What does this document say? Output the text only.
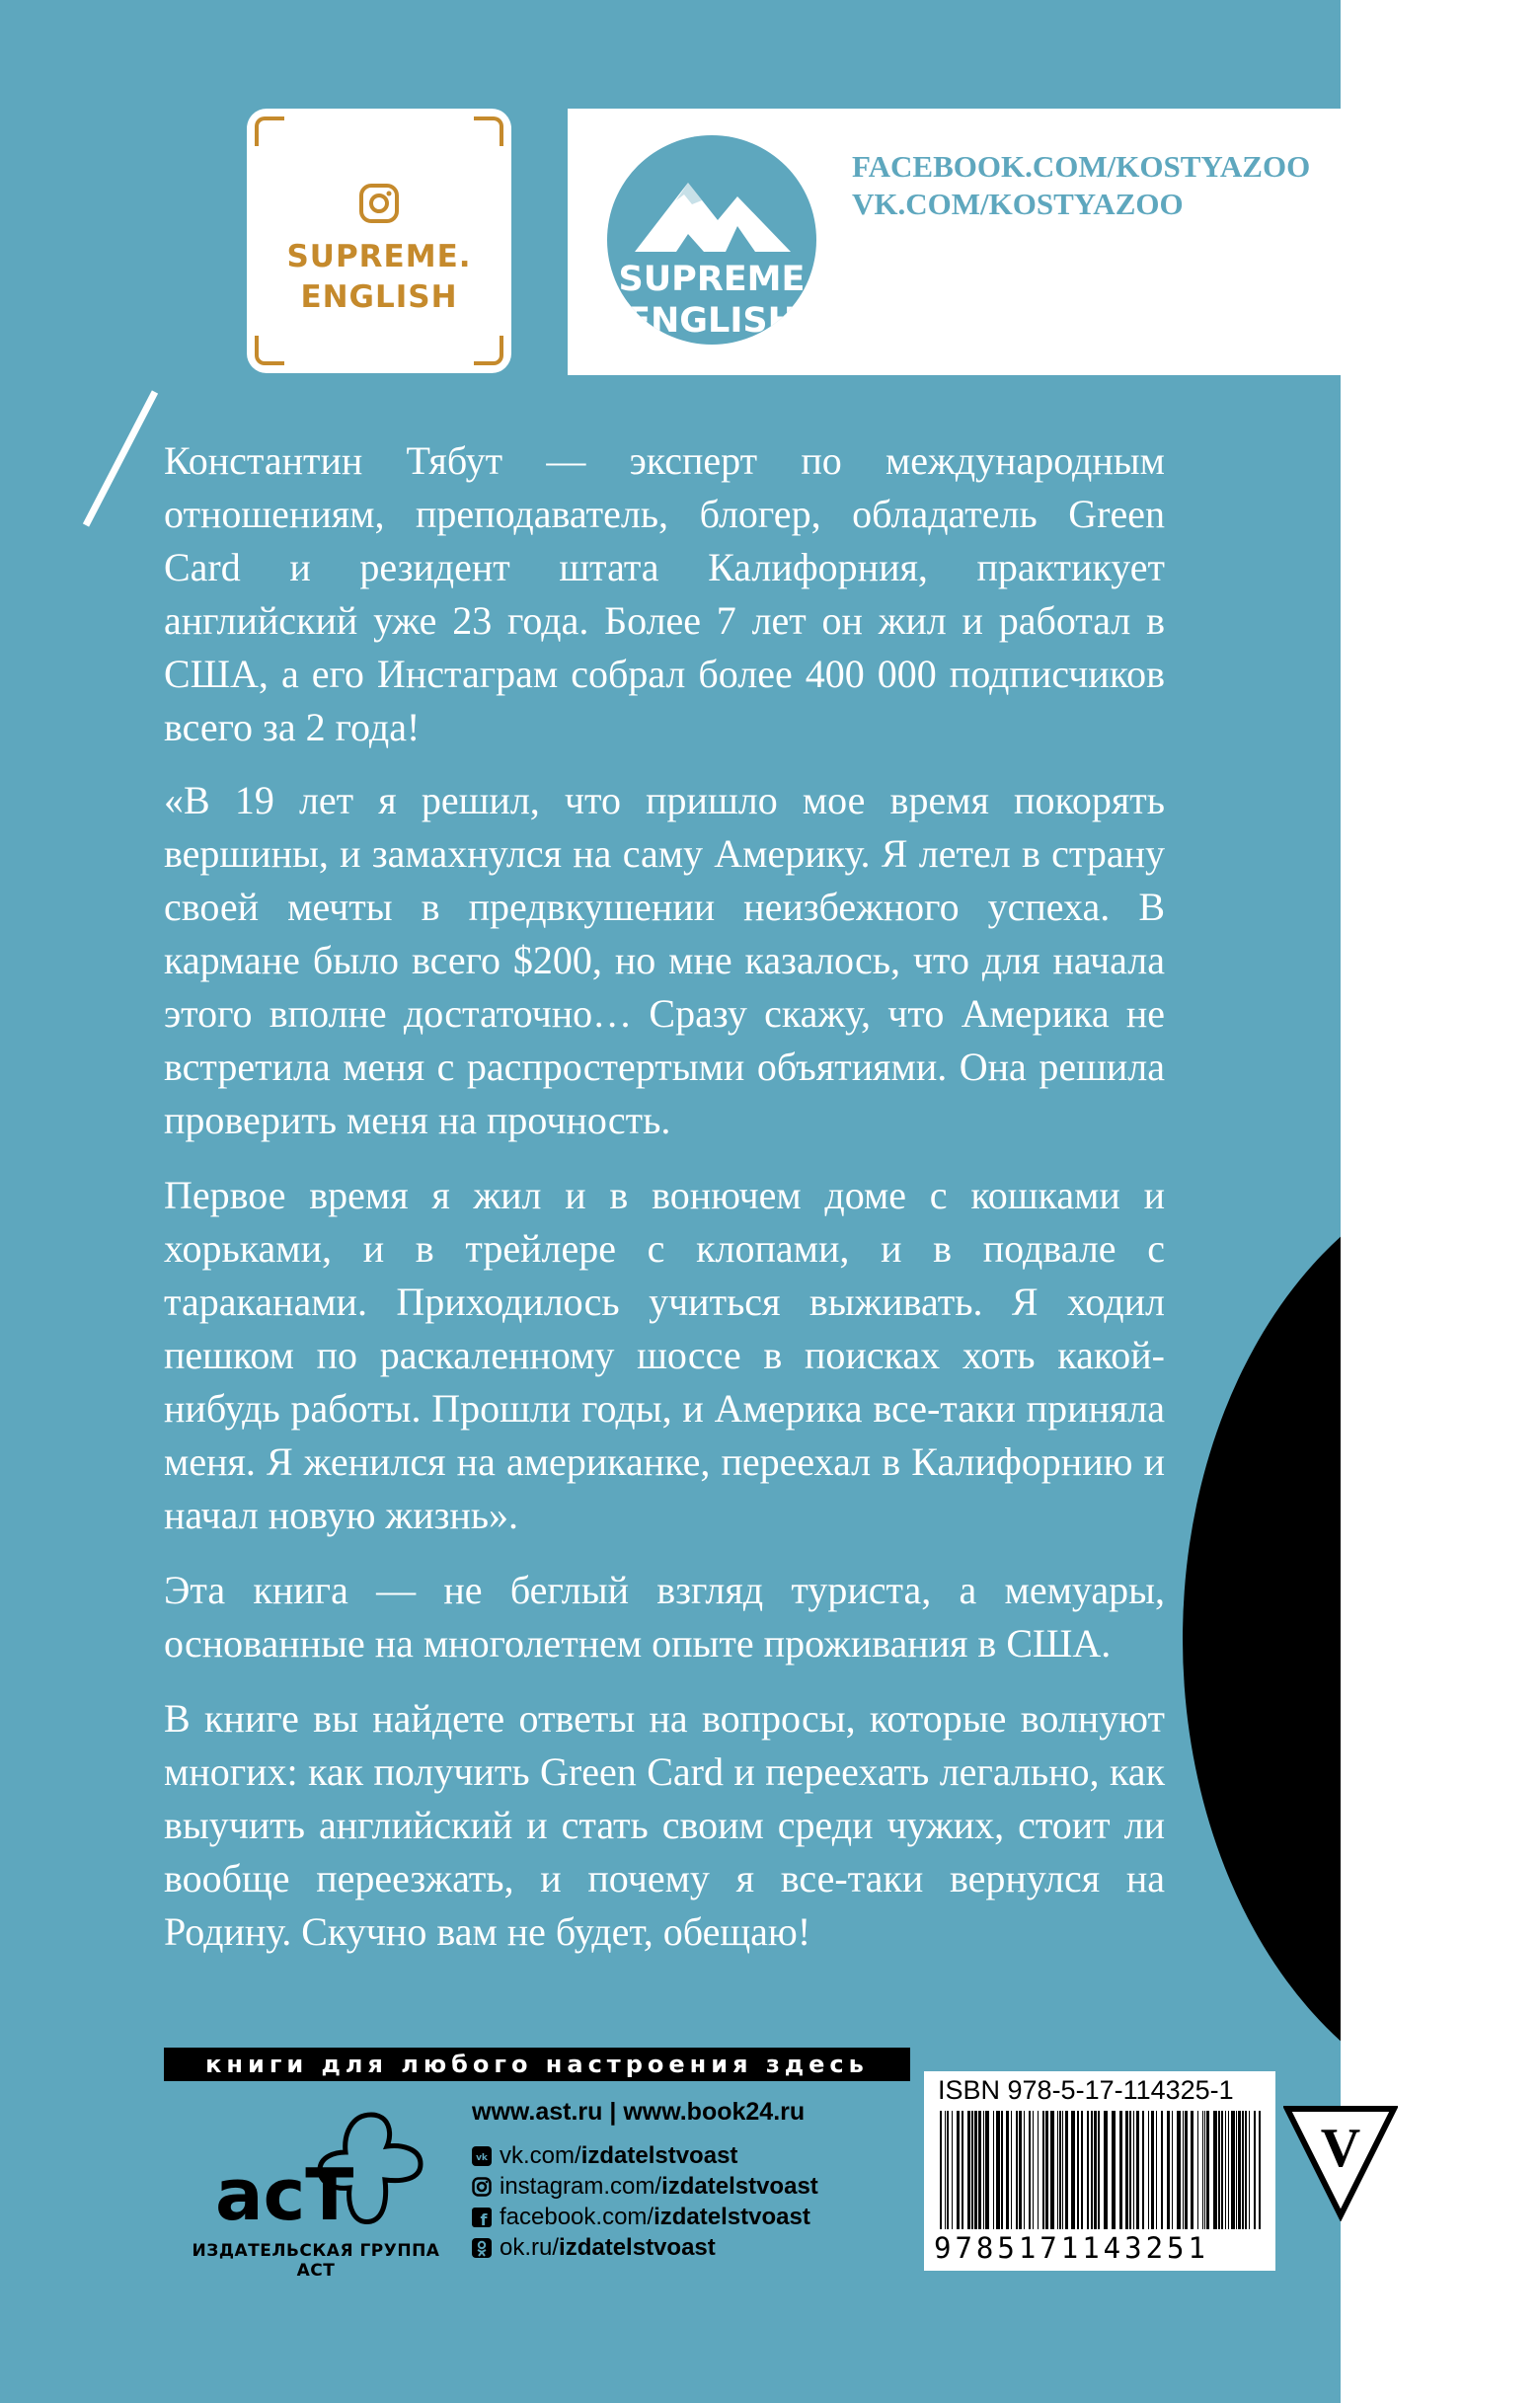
SUPREME.
ENGLISH	SUPREME
ENGLISH
FACEBOOK.COM/KOSTYAZOO
VK.COM/KOSTYAZOO

Константин Тябут — эксперт по международным отношениям, преподаватель, блогер, обладатель Green Card и резидент штата Калифорния, практикует английский уже 23 года. Более 7 лет он жил и работал в США, а его Инстаграм собрал более 400 000 подписчиков всего за 2 года!

«В 19 лет я решил, что пришло мое время покорять вершины, и замахнулся на саму Америку. Я летел в страну своей мечты в предвкушении неизбежного успеха. В кармане было всего $200, но мне казалось, что для начала этого вполне достаточно… Сразу скажу, что Америка не встретила меня с распростертыми объятиями. Она решила проверить меня на прочность.

Первое время я жил и в вонючем доме с кошками и хорьками, и в трейлере с клопами, и в подвале с тараканами. Приходилось учиться выживать. Я ходил пешком по раскаленному шоссе в поисках хоть какой-нибудь работы. Прошли годы, и Америка все-таки приняла меня. Я женился на американке, переехал в Калифорнию и начал новую жизнь».

Эта книга — не беглый взгляд туриста, а мемуары, основанные на многолетнем опыте проживания в США.

В книге вы найдете ответы на вопросы, которые волнуют многих: как получить Green Card и переехать легально, как выучить английский и стать своим среди чужих, стоит ли вообще переезжать, и почему я все-таки вернулся на Родину. Скучно вам не будет, обещаю!

книги для любого настроения здесь
acT
ИЗДАТЕЛЬСКАЯ ГРУППА АСТ
www.ast.ru | www.book24.ru
vk vk.com/ izdatelstvoast
instagram.com/ izdatelstvoast
f facebook.com/ izdatelstvoast
ok.ru/ izdatelstvoast
ISBN 978-5-17-114325-1
9785171143251
V
